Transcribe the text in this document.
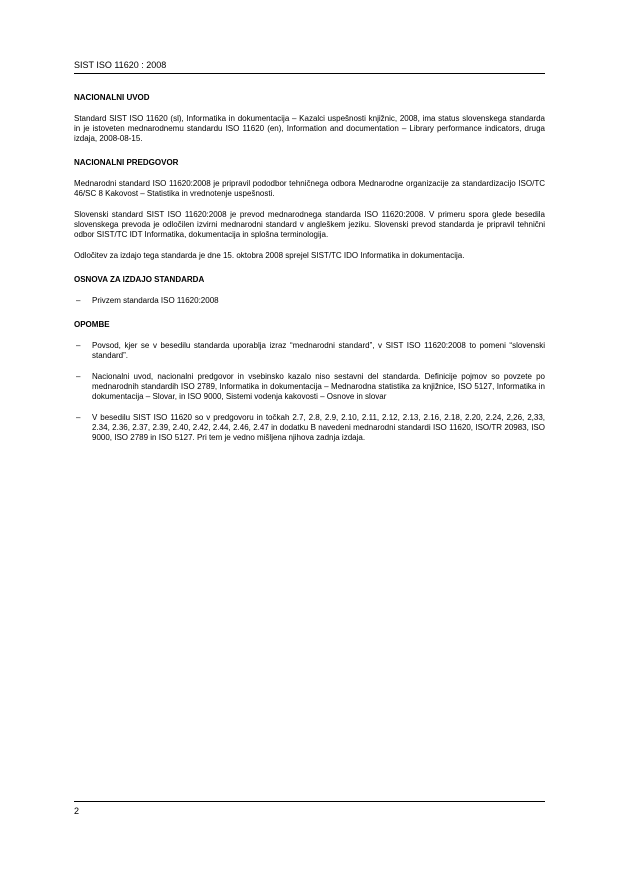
SIST ISO 11620 : 2008
NACIONALNI UVOD

Standard SIST ISO 11620 (sl), Informatika in dokumentacija – Kazalci uspešnosti knjižnic, 2008, ima status slovenskega standarda in je istoveten mednarodnemu standardu ISO 11620 (en), Information and documentation – Library performance indicators, druga izdaja, 2008-08-15.

NACIONALNI PREDGOVOR

Mednarodni standard ISO 11620:2008 je pripravil pododbor tehničnega odbora Mednarodne organizacije za standardizacijo ISO/TC 46/SC 8 Kakovost – Statistika in vrednotenje uspešnosti.

Slovenski standard SIST ISO 11620:2008 je prevod mednarodnega standarda ISO 11620:2008. V primeru spora glede besedila slovenskega prevoda je odločilen izvirni mednarodni standard v angleškem jeziku. Slovenski prevod standarda je pripravil tehnični odbor SIST/TC IDT Informatika, dokumentacija in splošna terminologija.

Odločitev za izdajo tega standarda je dne 15. oktobra 2008 sprejel SIST/TC IDO Informatika in dokumentacija.

OSNOVA ZA IZDAJO STANDARDA
– Privzem standarda ISO 11620:2008
OPOMBE
– Povsod, kjer se v besedilu standarda uporablja izraz “mednarodni standard”, v SIST ISO 11620:2008 to pomeni “slovenski standard”.
– Nacionalni uvod, nacionalni predgovor in vsebinsko kazalo niso sestavni del standarda. Definicije pojmov so povzete po mednarodnih standardih ISO 2789, Informatika in dokumentacija – Mednarodna statistika za knjižnice, ISO 5127, Informatika in dokumentacija – Slovar, in ISO 9000, Sistemi vodenja kakovosti – Osnove in slovar
– V besedilu SIST ISO 11620 so v predgovoru in točkah 2.7, 2.8, 2.9, 2.10, 2.11, 2.12, 2.13, 2.16, 2.18, 2.20, 2.24, 2,26, 2,33, 2.34, 2.36, 2.37, 2.39, 2.40, 2.42, 2.44, 2.46, 2.47 in dodatku B navedeni mednarodni standardi ISO 11620, ISO/TR 20983, ISO 9000, ISO 2789 in ISO 5127. Pri tem je vedno mišljena njihova zadnja izdaja.
2
